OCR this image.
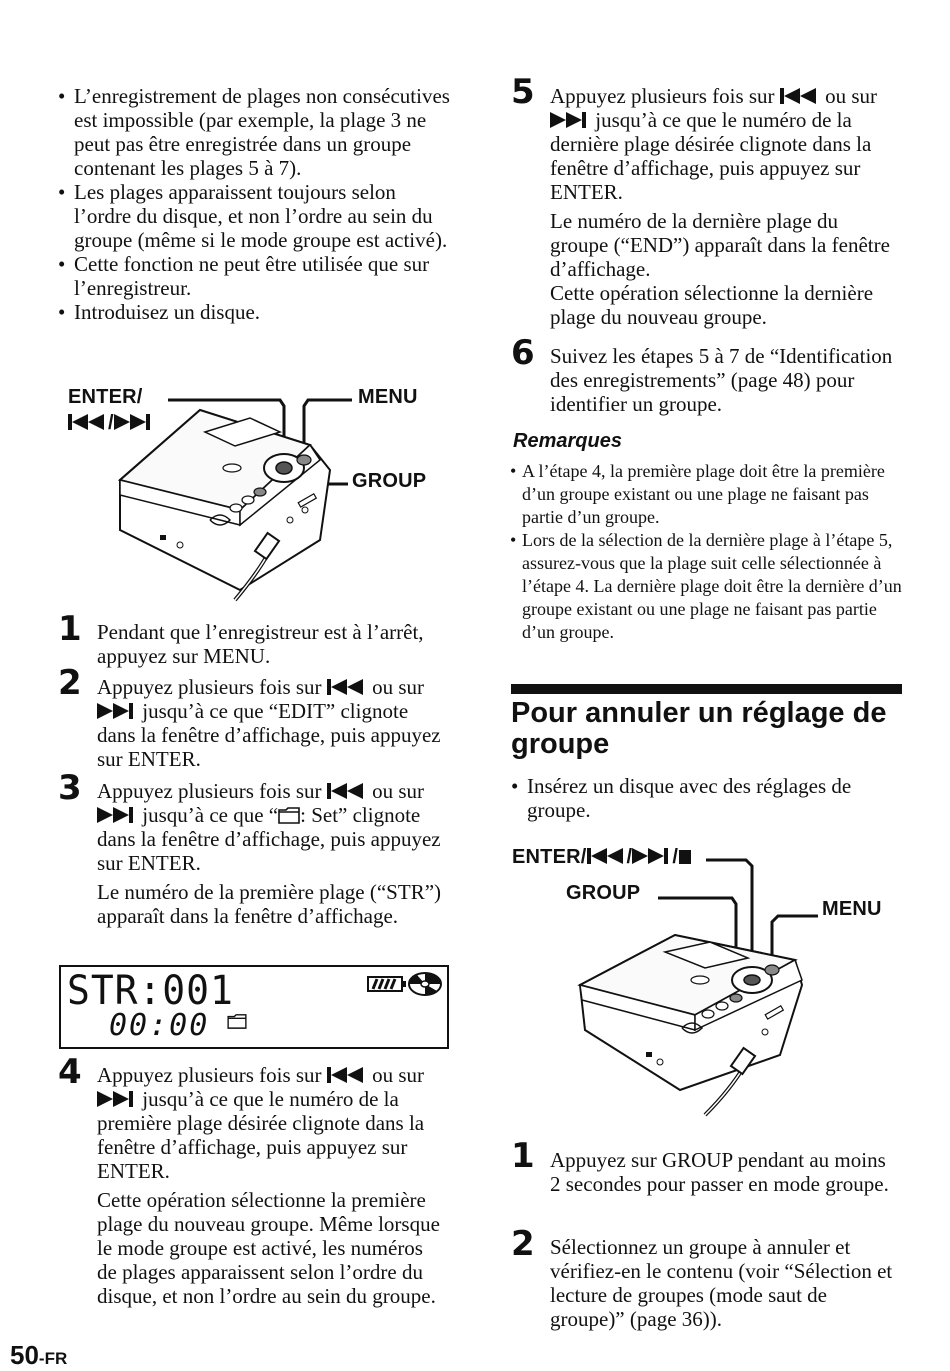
• L’enregistrement de plages non consécutives est impossible (par exemple, la plage 3 ne peut pas être enregistrée dans un groupe contenant les plages 5 à 7).
• Les plages apparaissent toujours selon l’ordre du disque, et non l’ordre au sein du groupe (même si le mode groupe est activé).
• Cette fonction ne peut être utilisée que sur l’enregistreur.
• Introduisez un disque.
ENTER/
/
MENU
GROUP
1 Pendant que l’enregistreur est à l’arrêt, appuyez sur MENU.

2 Appuyez plusieurs fois sur ou sur  jusqu’à ce que “EDIT” clignote dans la fenêtre d’affichage, puis appuyez sur ENTER.

3 Appuyez plusieurs fois sur ou sur  jusqu’à ce que “ : Set” clignote dans la fenêtre d’affichage, puis appuyez sur ENTER.

Le numéro de la première plage (“STR”) apparaît dans la fenêtre d’affichage.

STR:001
00:00
4 Appuyez plusieurs fois sur ou sur  jusqu’à ce que le numéro de la première plage désirée clignote dans la fenêtre d’affichage, puis appuyez sur ENTER.

Cette opération sélectionne la première plage du nouveau groupe. Même lorsque le mode groupe est activé, les numéros de plages apparaissent selon l’ordre du disque, et non l’ordre au sein du groupe.

50-FR
5 Appuyez plusieurs fois sur ou sur  jusqu’à ce que le numéro de la dernière plage désirée clignote dans la fenêtre d’affichage, puis appuyez sur ENTER.

Le numéro de la dernière plage du groupe (“END”) apparaît dans la fenêtre d’affichage.

Cette opération sélectionne la dernière plage du nouveau groupe.

6 Suivez les étapes 5 à 7 de “Identification des enregistrements” (page 48) pour identifier un groupe.

Remarques
• A l’étape 4, la première plage doit être la première d’un groupe existant ou une plage ne faisant pas partie d’un groupe.
• Lors de la sélection de la dernière plage à l’étape 5, assurez-vous que la plage suit celle sélectionnée à l’étape 4. La dernière plage doit être la dernière d’un groupe existant ou une plage ne faisant pas partie d’un groupe.
Pour annuler un réglage de groupe
• Insérez un disque avec des réglages de groupe.
ENTER/ / /
GROUP
MENU
1 Appuyez sur GROUP pendant au moins 2 secondes pour passer en mode groupe.

2 Sélectionnez un groupe à annuler et vérifiez-en le contenu (voir “Sélection et lecture de groupes (mode saut de groupe)” (page 36)).
